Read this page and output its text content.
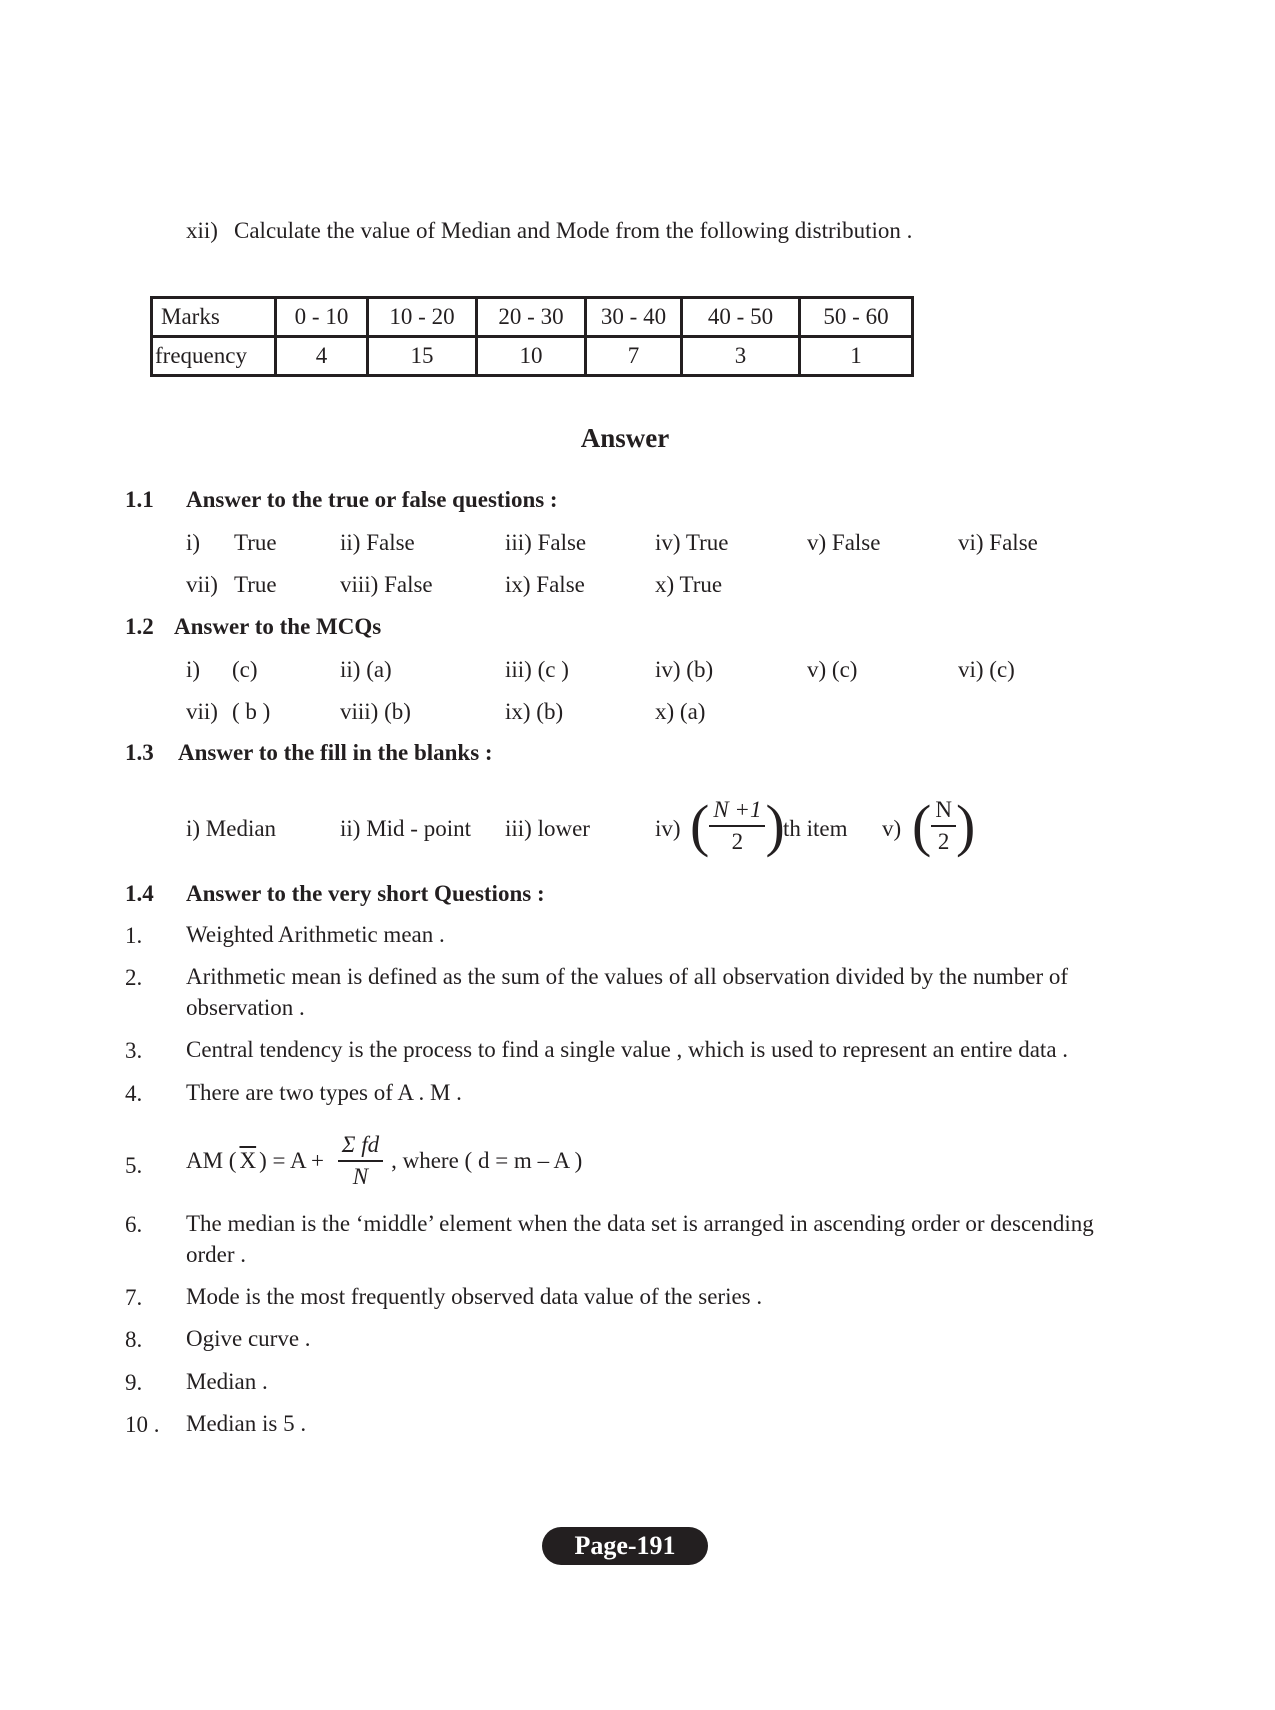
xii) Calculate the value of Median and Mode from the following distribution .
Marks	0 - 10	10 - 20	20 - 30	30 - 40	40 - 50	50 - 60
frequency	4	15	10	7	3	1
Answer
1.1 Answer to the true or false questions :
i) True	ii) False	iii) False	iv) True	v) False	vi) False
vii) True	viii) False	ix) False	x) True
1.2 Answer to the MCQs
i) (c)	ii) (a)	iii) (c )	iv) (b)	v) (c)	vi) (c)
vii) ( b )	viii) (b)	ix) (b)	x) (a)
1.3 Answer to the fill in the blanks :
i) Median	ii) Mid - point iii) lower	iv) ( $\frac{N +1}{2}$ )
th item v) ( $\frac{N}{2}$ )
1.4 Answer to the very short Questions :
1. Weighted Arithmetic mean .
2. Arithmetic mean is defined as the sum of the values of all observation divided by the number of observation .
3. Central tendency is the process to find a single value , which is used to represent an entire data .
4. There are two types of A . M .
5. AM ( $\overline{X}$ ) = $A + \frac{\text{Σ fd}}{N}$ , where ( d = m – A )
6. The median is the ‘middle’ element when the data set is arranged in ascending order or descending order .
7. Mode is the most frequently observed data value of the series .
8. Ogive curve .
9. Median .
10 . Median is 5 .
Page-191
